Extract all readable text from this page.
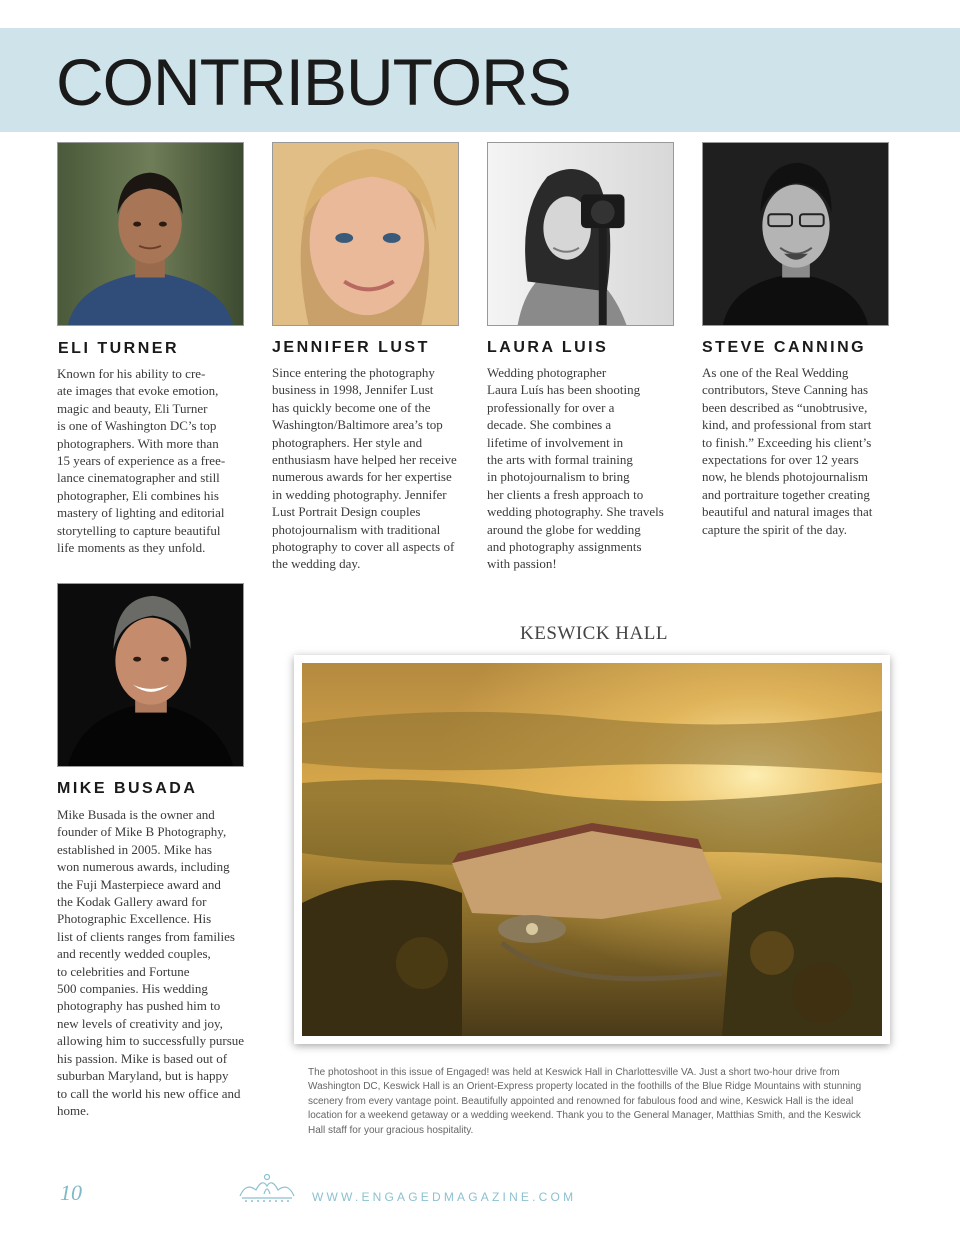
CONTRIBUTORS
ELI TURNER

Known for his ability to cre-
ate images that evoke emotion,
magic and beauty, Eli Turner
is one of Washington DC’s top
photographers. With more than
15 years of experience as a free-
lance cinematographer and still
photographer, Eli combines his
mastery of lighting and editorial
storytelling to capture beautiful
life moments as they unfold.

JENNIFER LUST

Since entering the photography
business in 1998, Jennifer Lust
has quickly become one of the
Washington/Baltimore area’s top
photographers. Her style and
enthusiasm have helped her receive
numerous awards for her expertise
in wedding photography. Jennifer
Lust Portrait Design couples
photojournalism with traditional
photography to cover all aspects of
the wedding day.

LAURA LUIS

Wedding photographer
Laura Luís has been shooting
professionally for over a
decade. She combines a
lifetime of involvement in
the arts with formal training
in photojournalism to bring
her clients a fresh approach to
wedding photography. She travels
around the globe for wedding
and photography assignments
with passion!

STEVE CANNING

As one of the Real Wedding
contributors, Steve Canning has
been described as “unobtrusive,
kind, and professional from start
to finish.” Exceeding his client’s
expectations for over 12 years
now, he blends photojournalism
and portraiture together creating
beautiful and natural images that
capture the spirit of the day.

MIKE BUSADA

Mike Busada is the owner and
founder of Mike B Photography,
established in 2005. Mike has
won numerous awards, including
the Fuji Masterpiece award and
the Kodak Gallery award for
Photographic Excellence. His
list of clients ranges from families
and recently wedded couples,
to celebrities and Fortune
500 companies. His wedding
photography has pushed him to
new levels of creativity and joy,
allowing him to successfully pursue
his passion. Mike is based out of
suburban Maryland, but is happy
to call the world his new office and
home.

KESWICK HALL

The photoshoot in this issue of Engaged! was held at Keswick Hall in Charlottesville VA. Just a short two-hour drive from
Washington DC, Keswick Hall is an Orient-Express property located in the foothills of the Blue Ridge Mountains with stunning
scenery from every vantage point. Beautifully appointed and renowned for fabulous food and wine, Keswick Hall is the ideal
location for a weekend getaway or a wedding weekend. Thank you to the General Manager, Matthias Smith, and the Keswick
Hall staff for your gracious hospitality.

10	WWW.ENGAGEDMAGAZINE.COM
